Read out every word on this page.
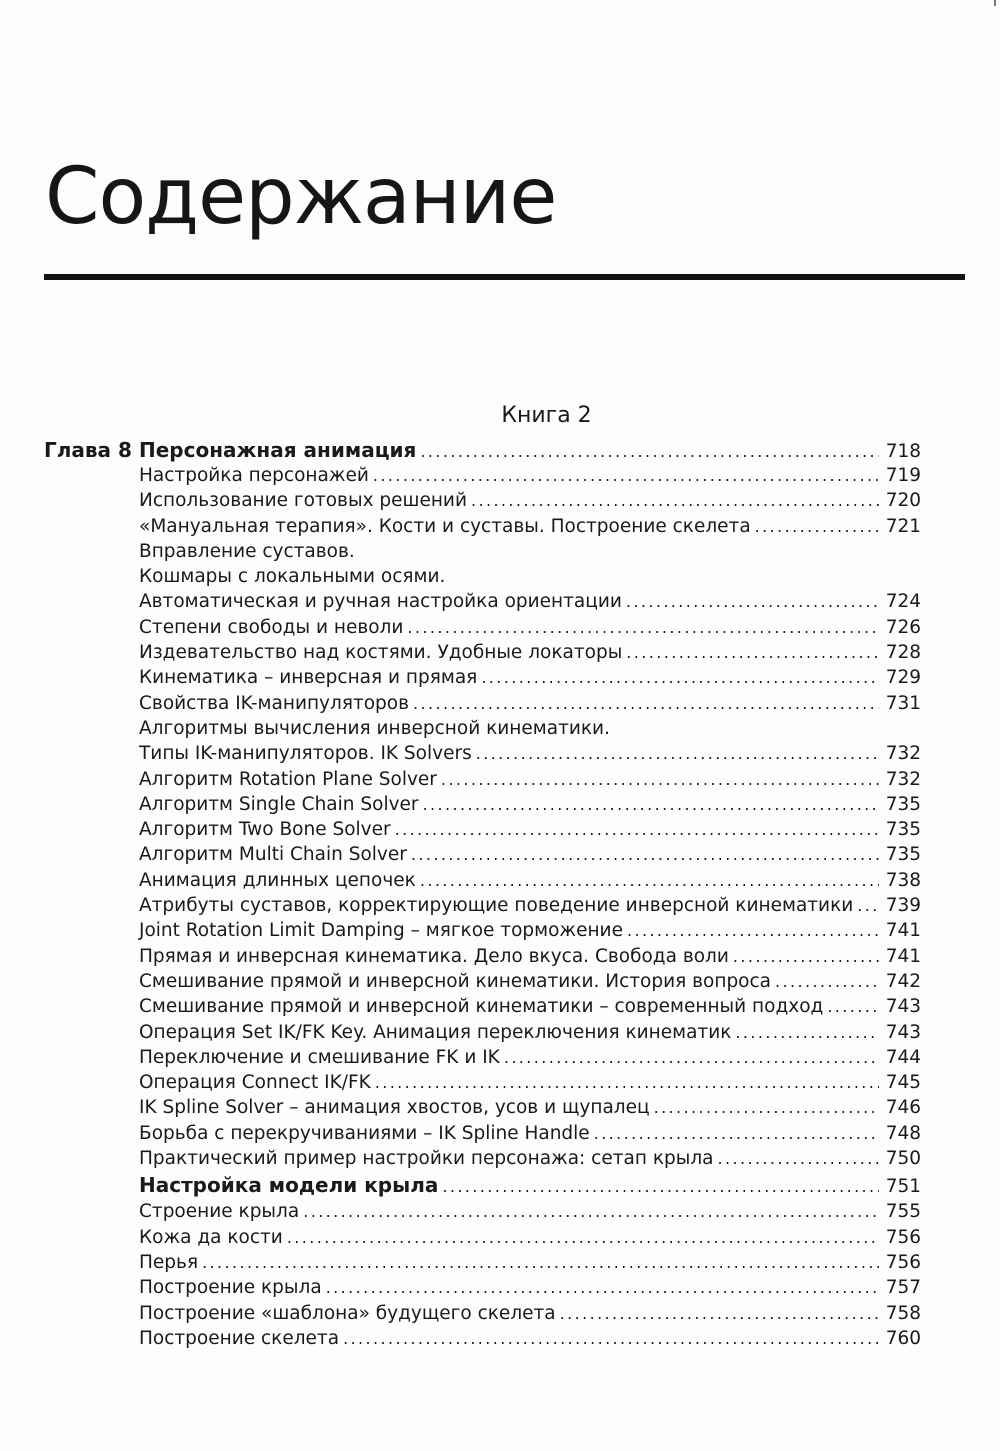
Содержание
Книга 2
Глава 8 Персонажная анимация .....	718
Настройка персонажей .....	719
Использование готовых решений .....	720
«Мануальная терапия». Кости и суставы. Построение скелета .....	721
Вправление суставов.
Кошмары с локальными осями.
Автоматическая и ручная настройка ориентации .....	724
Степени свободы и неволи .....	726
Издевательство над костями. Удобные локаторы .....	728
Кинематика – инверсная и прямая .....	729
Свойства IK-манипуляторов .....	731
Алгоритмы вычисления инверсной кинематики.
Типы IK-манипуляторов. IK Solvers .....	732
Алгоритм Rotation Plane Solver .....	732
Алгоритм Single Chain Solver .....	735
Алгоритм Two Bone Solver .....	735
Алгоритм Multi Chain Solver .....	735
Анимация длинных цепочек .....	738
Атрибуты суставов, корректирующие поведение инверсной кинематики ..... 739
Joint Rotation Limit Damping – мягкое торможение .....	741
Прямая и инверсная кинематика. Дело вкуса. Свобода воли .....	741
Смешивание прямой и инверсной кинематики. История вопроса .....	742
Смешивание прямой и инверсной кинематики – современный подход .....	743
Операция Set IK/FK Key. Анимация переключения кинематик .....	743
Переключение и смешивание FK и IK .....	744
Операция Connect IK/FK .....	745
IK Spline Solver – анимация хвостов, усов и щупалец .....	746
Борьба с перекручиваниями – IK Spline Handle .....	748
Практический пример настройки персонажа: сетап крыла .....	750
Настройка модели крыла .....	751
Строение крыла .....	755
Кожа да кости .....	756
Перья .....	756
Построение крыла .....	757
Построение «шаблона» будущего скелета .....	758
Построение скелета .....	760
